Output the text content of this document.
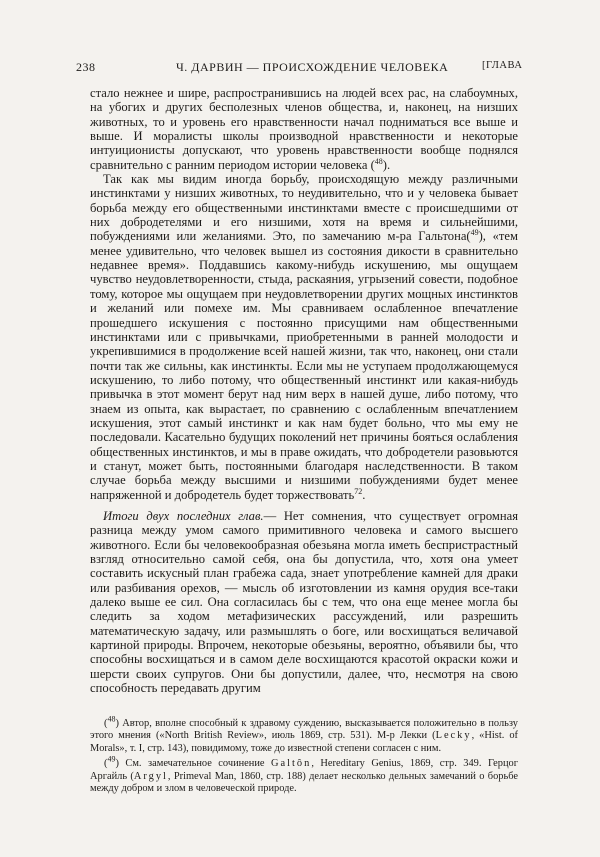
238	Ч. ДАРВИН — ПРОИСХОЖДЕНИЕ ЧЕЛОВЕКА	[ГЛАВА

стало нежнее и шире, распространившись на людей всех рас, на слабоумных, на убогих и других бесполезных членов общества, и, наконец, на низших животных, то и уровень его нравственности начал подниматься все выше и выше. И моралисты школы производной нравственности и некоторые интуиционисты допускают, что уровень нравственности вообще поднялся сравнительно с ранним периодом истории человека ($^{48}$).

Так как мы видим иногда борьбу, происходящую между различными инстинктами у низших животных, то неудивительно, что и у человека бывает борьба между его общественными инстинктами вместе с происшедшими от них добродетелями и его низшими, хотя на время и сильнейшими, побуждениями или желаниями. Это, по замечанию м-ра Гальтона($^{49}$), «тем менее удивительно, что человек вышел из состояния дикости в сравнительно недавнее время». Поддавшись какому-нибудь искушению, мы ощущаем чувство неудовлетворенности, стыда, раскаяния, угрызений совести, подобное тому, которое мы ощущаем при неудовлетворении других мощных инстинктов и желаний или помехе им. Мы сравниваем ослабленное впечатление прошедшего искушения с постоянно присущими нам общественными инстинктами или с привычками, приобретенными в ранней молодости и укрепившимися в продолжение всей нашей жизни, так что, наконец, они стали почти так же сильны, как инстинкты. Если мы не уступаем продолжающемуся искушению, то либо потому, что общественный инстинкт или какая-нибудь привычка в этот момент берут над ним верх в нашей душе, либо потому, что знаем из опыта, как вырастает, по сравнению с ослабленным впечатлением искушения, этот самый инстинкт и как нам будет больно, что мы ему не последовали. Касательно будущих поколений нет причины бояться ослабления общественных инстинктов, и мы в праве ожидать, что добродетели разовьются и станут, может быть, постоянными благодаря наследственности. В таком случае борьба между высшими и низшими побуждениями будет менее напряженной и добродетель будет торжествовать$^{72}$.

Итоги двух последних глав.— Нет сомнения, что существует огромная разница между умом самого примитивного человека и самого высшего животного. Если бы человекообразная обезьяна могла иметь беспристрастный взгляд относительно самой себя, она бы допустила, что, хотя она умеет составить искусный план грабежа сада, знает употребление камней для драки или разбивания орехов, — мысль об изготовлении из камня орудия все-таки далеко выше ее сил. Она согласилась бы с тем, что она еще менее могла бы следить за ходом метафизических рассуждений, или разрешить математическую задачу, или размышлять о боге, или восхищаться величавой картиной природы. Впрочем, некоторые обезьяны, вероятно, объявили бы, что способны восхищаться и в самом деле восхищаются красотой окраски кожи и шерсти своих супругов. Они бы допустили, далее, что, несмотря на свою способность передавать другим

($^{48}$) Автор, вполне способный к здравому суждению, высказывается положительно в пользу этого мнения («North British Review», июль 1869, стр. 531). М-р Лекки (Lecky, «Hist. of Morals», т. I, стр. 143), повидимому, тоже до известной степени согласен с ним.

($^{49}$) См. замечательное сочинение Galtôn, Hereditary Genius, 1869, стр. 349. Герцог Аргайль (Argyl, Primeval Man, 1860, стр. 188) делает несколько дельных замечаний о борьбе между добром и злом в человеческой природе.
